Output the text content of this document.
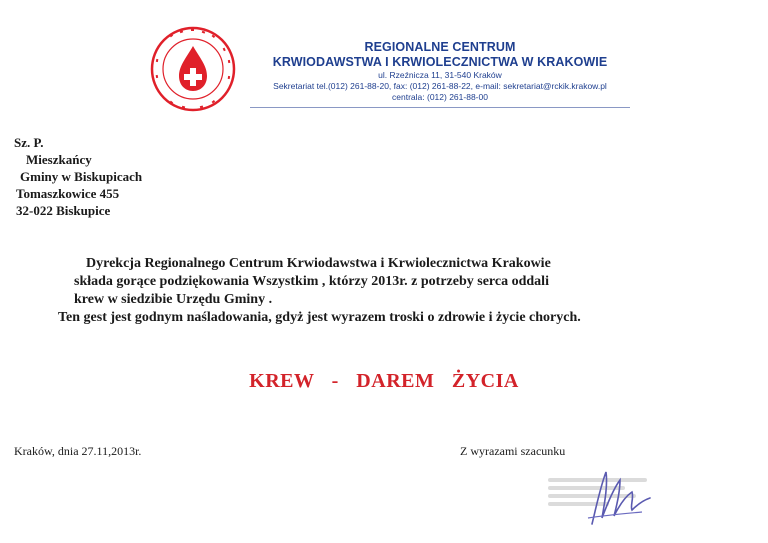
REGIONALNE CENTRUM
KRWIODAWSTWA I KRWIOLECZNICTWA W KRAKOWIE
ul. Rzeźnicza 11, 31-540 Kraków
Sekretariat tel.(012) 261-88-20, fax: (012) 261-88-22, e-mail: sekretariat@rckik.krakow.pl
centrala: (012) 261-88-00
Sz. P.
Mieszkańcy
Gminy w Biskupicach
Tomaszkowice 455
32-022 Biskupice
Dyrekcja Regionalnego Centrum Krwiodawstwa i Krwiolecznictwa Krakowie
składa gorące podziękowania Wszystkim , którzy 2013r. z potrzeby serca oddali
krew w siedzibie Urzędu Gminy .
Ten gest jest godnym naśladowania, gdyż jest wyrazem troski o zdrowie i życie chorych.
KREW - DAREM ŻYCIA
Kraków, dnia 27.11,2013r.	Z wyrazami szacunku
